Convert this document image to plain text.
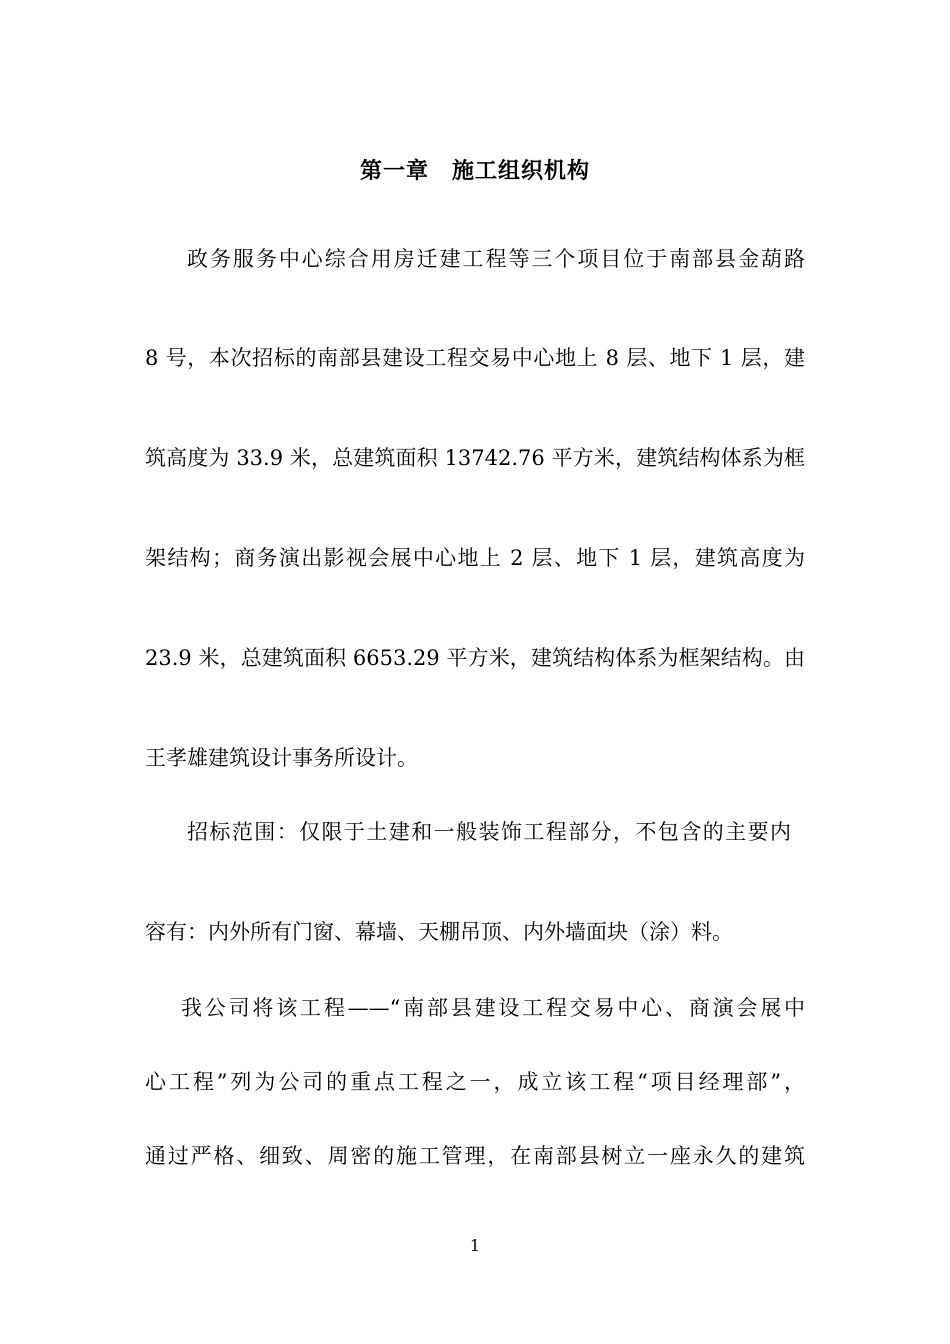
第一章　施工组织机构
政务服务中心综合用房迁建工程等三个项目位于南部县金葫路
8 号，本次招标的南部县建设工程交易中心地上 8 层、地下 1 层，建
筑高度为 33.9 米，总建筑面积 13742.76 平方米，建筑结构体系为框
架结构；商务演出影视会展中心地上 2 层、地下 1 层，建筑高度为
23.9 米，总建筑面积 6653.29 平方米，建筑结构体系为框架结构。由
王孝雄建筑设计事务所设计。
招标范围：仅限于土建和一般装饰工程部分，不包含的主要内
容有：内外所有门窗、幕墙、天棚吊顶、内外墙面块（涂）料。
我公司将该工程——“南部县建设工程交易中心、商演会展中
心工程”列为公司的重点工程之一，成立该工程“项目经理部”，
通过严格、细致、周密的施工管理，在南部县树立一座永久的建筑
1
